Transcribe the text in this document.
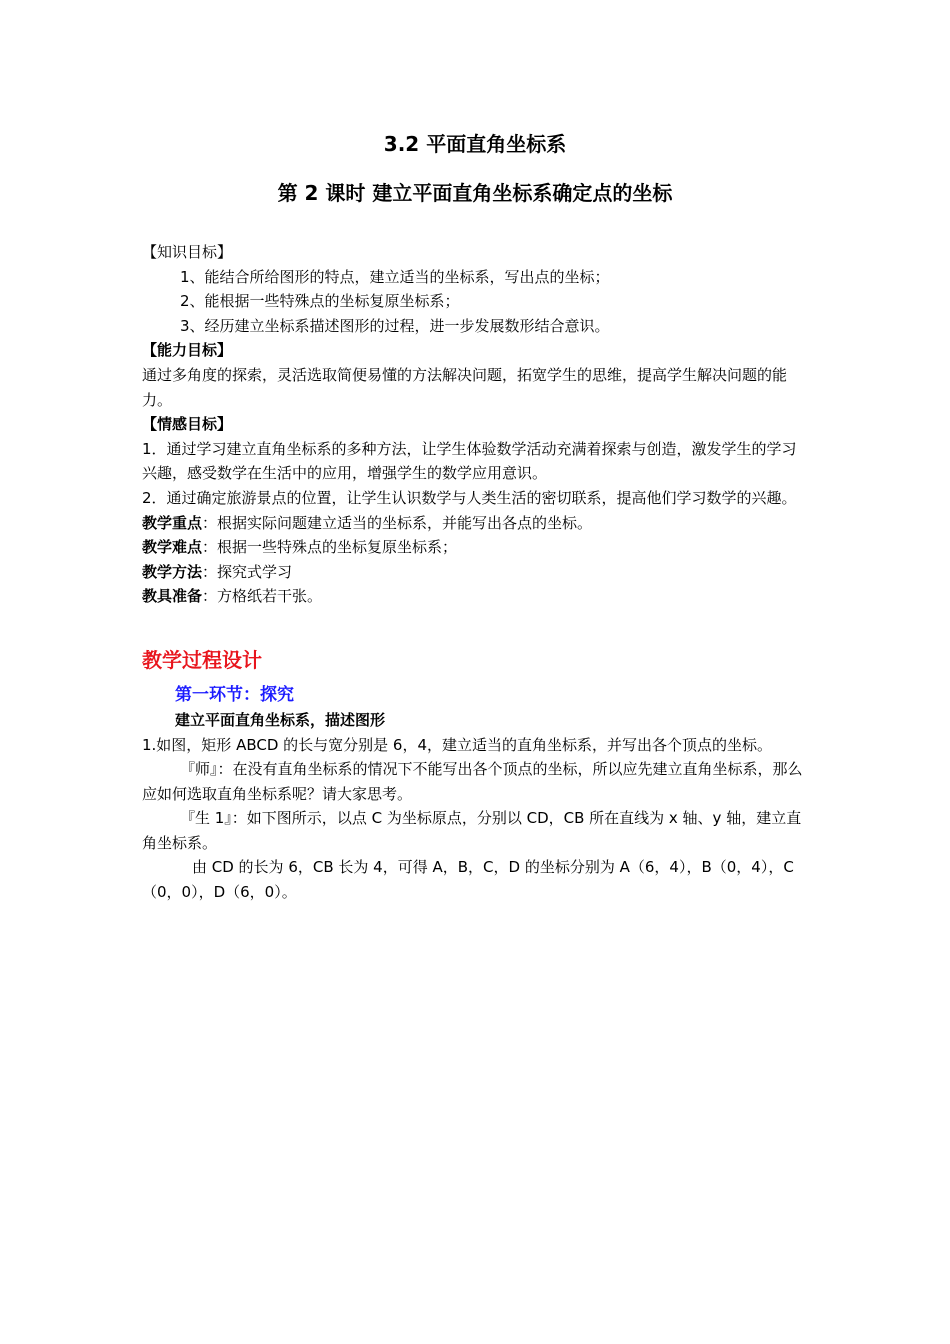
3.2 平面直角坐标系
第 2 课时 建立平面直角坐标系确定点的坐标

【知识目标】

1、能结合所给图形的特点，建立适当的坐标系，写出点的坐标；

2、能根据一些特殊点的坐标复原坐标系；

3、经历建立坐标系描述图形的过程，进一步发展数形结合意识。

【能力目标】

通过多角度的探索，灵活选取简便易懂的方法解决问题，拓宽学生的思维，提高学生解决问题的能力。

【情感目标】

1．通过学习建立直角坐标系的多种方法，让学生体验数学活动充满着探索与创造，激发学生的学习兴趣，感受数学在生活中的应用，增强学生的数学应用意识。

2．通过确定旅游景点的位置，让学生认识数学与人类生活的密切联系，提高他们学习数学的兴趣。

教学重点：根据实际问题建立适当的坐标系，并能写出各点的坐标。

教学难点：根据一些特殊点的坐标复原坐标系；

教学方法：探究式学习

教具准备：方格纸若干张。

教学过程设计

第一环节：探究

建立平面直角坐标系，描述图形

1.如图，矩形 ABCD 的长与宽分别是 6，4，建立适当的直角坐标系，并写出各个顶点的坐标。

『师』：在没有直角坐标系的情况下不能写出各个顶点的坐标，所以应先建立直角坐标系，那么应如何选取直角坐标系呢？请大家思考。

『生 1』：如下图所示，以点 C 为坐标原点，分别以 CD，CB 所在直线为 x 轴、y 轴，建立直角坐标系。

由 CD 的长为 6，CB 长为 4，可得 A，B，C，D 的坐标分别为 A（6，4），B（0，4），C（0，0），D（6，0）。
